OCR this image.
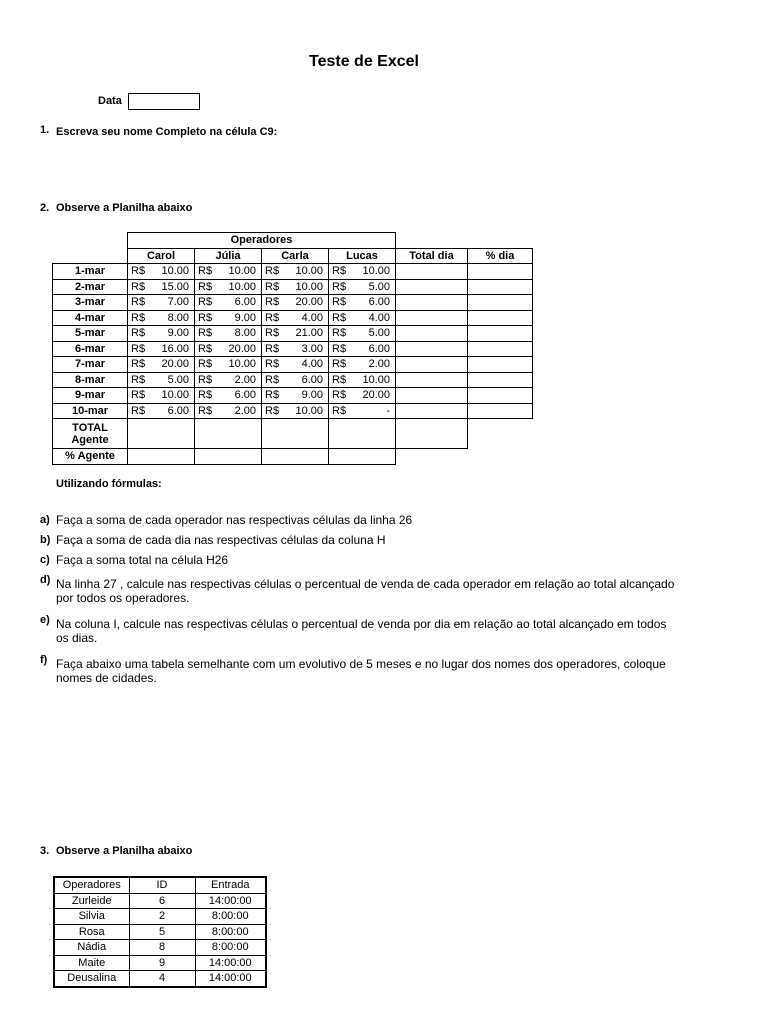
Teste de Excel
Data
1. Escreva seu nome Completo na célula C9:
2. Observe a Planilha abaixo
	Operadores					
	Carol	Júlia	Carla	Lucas	Total dia	% dia
1-mar	R$ 10.00	R$ 10.00	R$ 10.00	R$ 10.00		

2-mar	R$ 15.00	R$ 10.00	R$ 10.00	R$ 5.00		

3-mar	R$ 7.00	R$ 6.00	R$ 20.00	R$ 6.00		

4-mar	R$ 8.00	R$ 9.00	R$ 4.00	R$ 4.00		

5-mar	R$ 9.00	R$ 8.00	R$ 21.00	R$ 5.00		

6-mar	R$ 16.00	R$ 20.00	R$ 3.00	R$ 6.00		

7-mar	R$ 20.00	R$ 10.00	R$ 4.00	R$ 2.00		

8-mar	R$ 5.00	R$ 2.00	R$ 6.00	R$ 10.00		

9-mar	R$ 10.00	R$ 6.00	R$ 9.00	R$ 20.00		

10-mar	R$ 6.00	R$ 2.00	R$ 10.00	R$ -		

TOTAL
Agente						
% Agente						
Utilizando fórmulas:
a) Faça a soma de cada operador nas respectivas células da linha 26
b) Faça a soma de cada dia nas respectivas células da coluna H
c) Faça a soma total na célula H26
d) Na linha 27 , calcule nas respectivas células o percentual de venda de cada operador em relação ao total alcançado
por todos os operadores.
e) Na coluna I, calcule nas respectivas células o percentual de venda por dia em relação ao total alcançado em todos
os dias.
f) Faça abaixo uma tabela semelhante com um evolutivo de 5 meses e no lugar dos nomes dos operadores, coloque
nomes de cidades.
3. Observe a Planilha abaixo
Operadores	ID	Entrada
Zurleide	6	14:00:00
Silvia	2	8:00:00
Rosa	5	8:00:00
Nádia	8	8:00:00
Maite	9	14:00:00
Deusalina	4	14:00:00
